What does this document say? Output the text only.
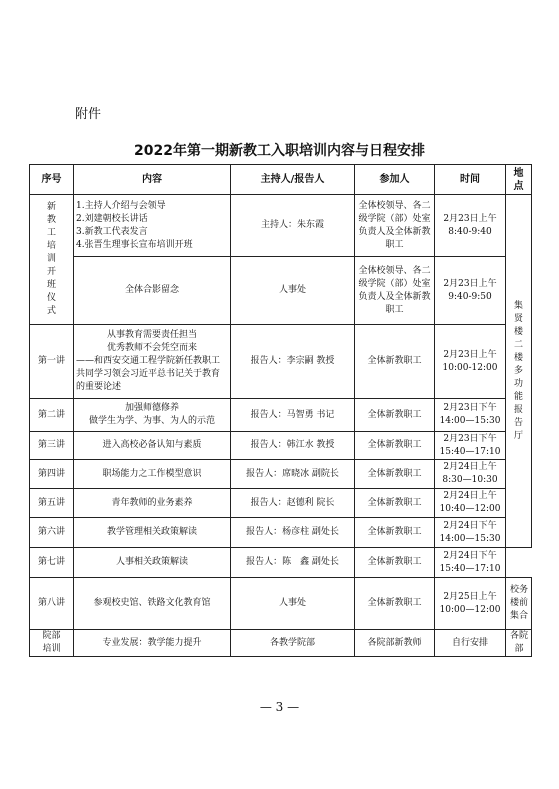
附件
2022年第一期新教工入职培训内容与日程安排
序号	内容	主持人/报告人	参加人	时间	地点
新教工培训开班仪式	1.主持人介绍与会领导
2.刘建朝校长讲话
3.新教工代表发言
4.张晋生理事长宣布培训开班	主持人：朱东霞	全体校领导、各二级学院（部）处室负责人及全体新教职工	2月23日上午8:40-9:40	集贤楼二楼多功能报告厅
	全体合影留念	人事处	全体校领导、各二级学院（部）处室负责人及全体新教职工	2月23日上午9:40-9:50	
第一讲	从事教育需要责任担当
优秀教师不会凭空而来
——和西安交通工程学院新任教职工共同学习领会习近平总书记关于教育的重要论述	报告人：李宗嗣 教授	全体新教职工	2月23日上午10:00-12:00	
第二讲	加强师德修养
做学生为学、为事、为人的示范	报告人：马智勇 书记	全体新教职工	2月23日下午14:00—15:30	
第三讲	进入高校必备认知与素质	报告人：韩江水 教授	全体新教职工	2月23日下午15:40—17:10	
第四讲	职场能力之工作模型意识	报告人：席晓冰 副院长	全体新教职工	2月24日上午8:30—10:30	
第五讲	青年教师的业务素养	报告人：赵德利 院长	全体新教职工	2月24日上午10:40—12:00	
第六讲	教学管理相关政策解读	报告人：杨彦柱 副处长	全体新教职工	2月24日下午14:00—15:30	
第七讲	人事相关政策解读	报告人：陈　鑫 副处长	全体新教职工	2月24日下午15:40—17:10	
第八讲	参观校史馆、铁路文化教育馆	人事处	全体新教职工	2月25日上午10:00—12:00	校务楼前集合
院部培训	专业发展：教学能力提升	各教学院部	各院部新教师	自行安排	各院部
— 3 —
